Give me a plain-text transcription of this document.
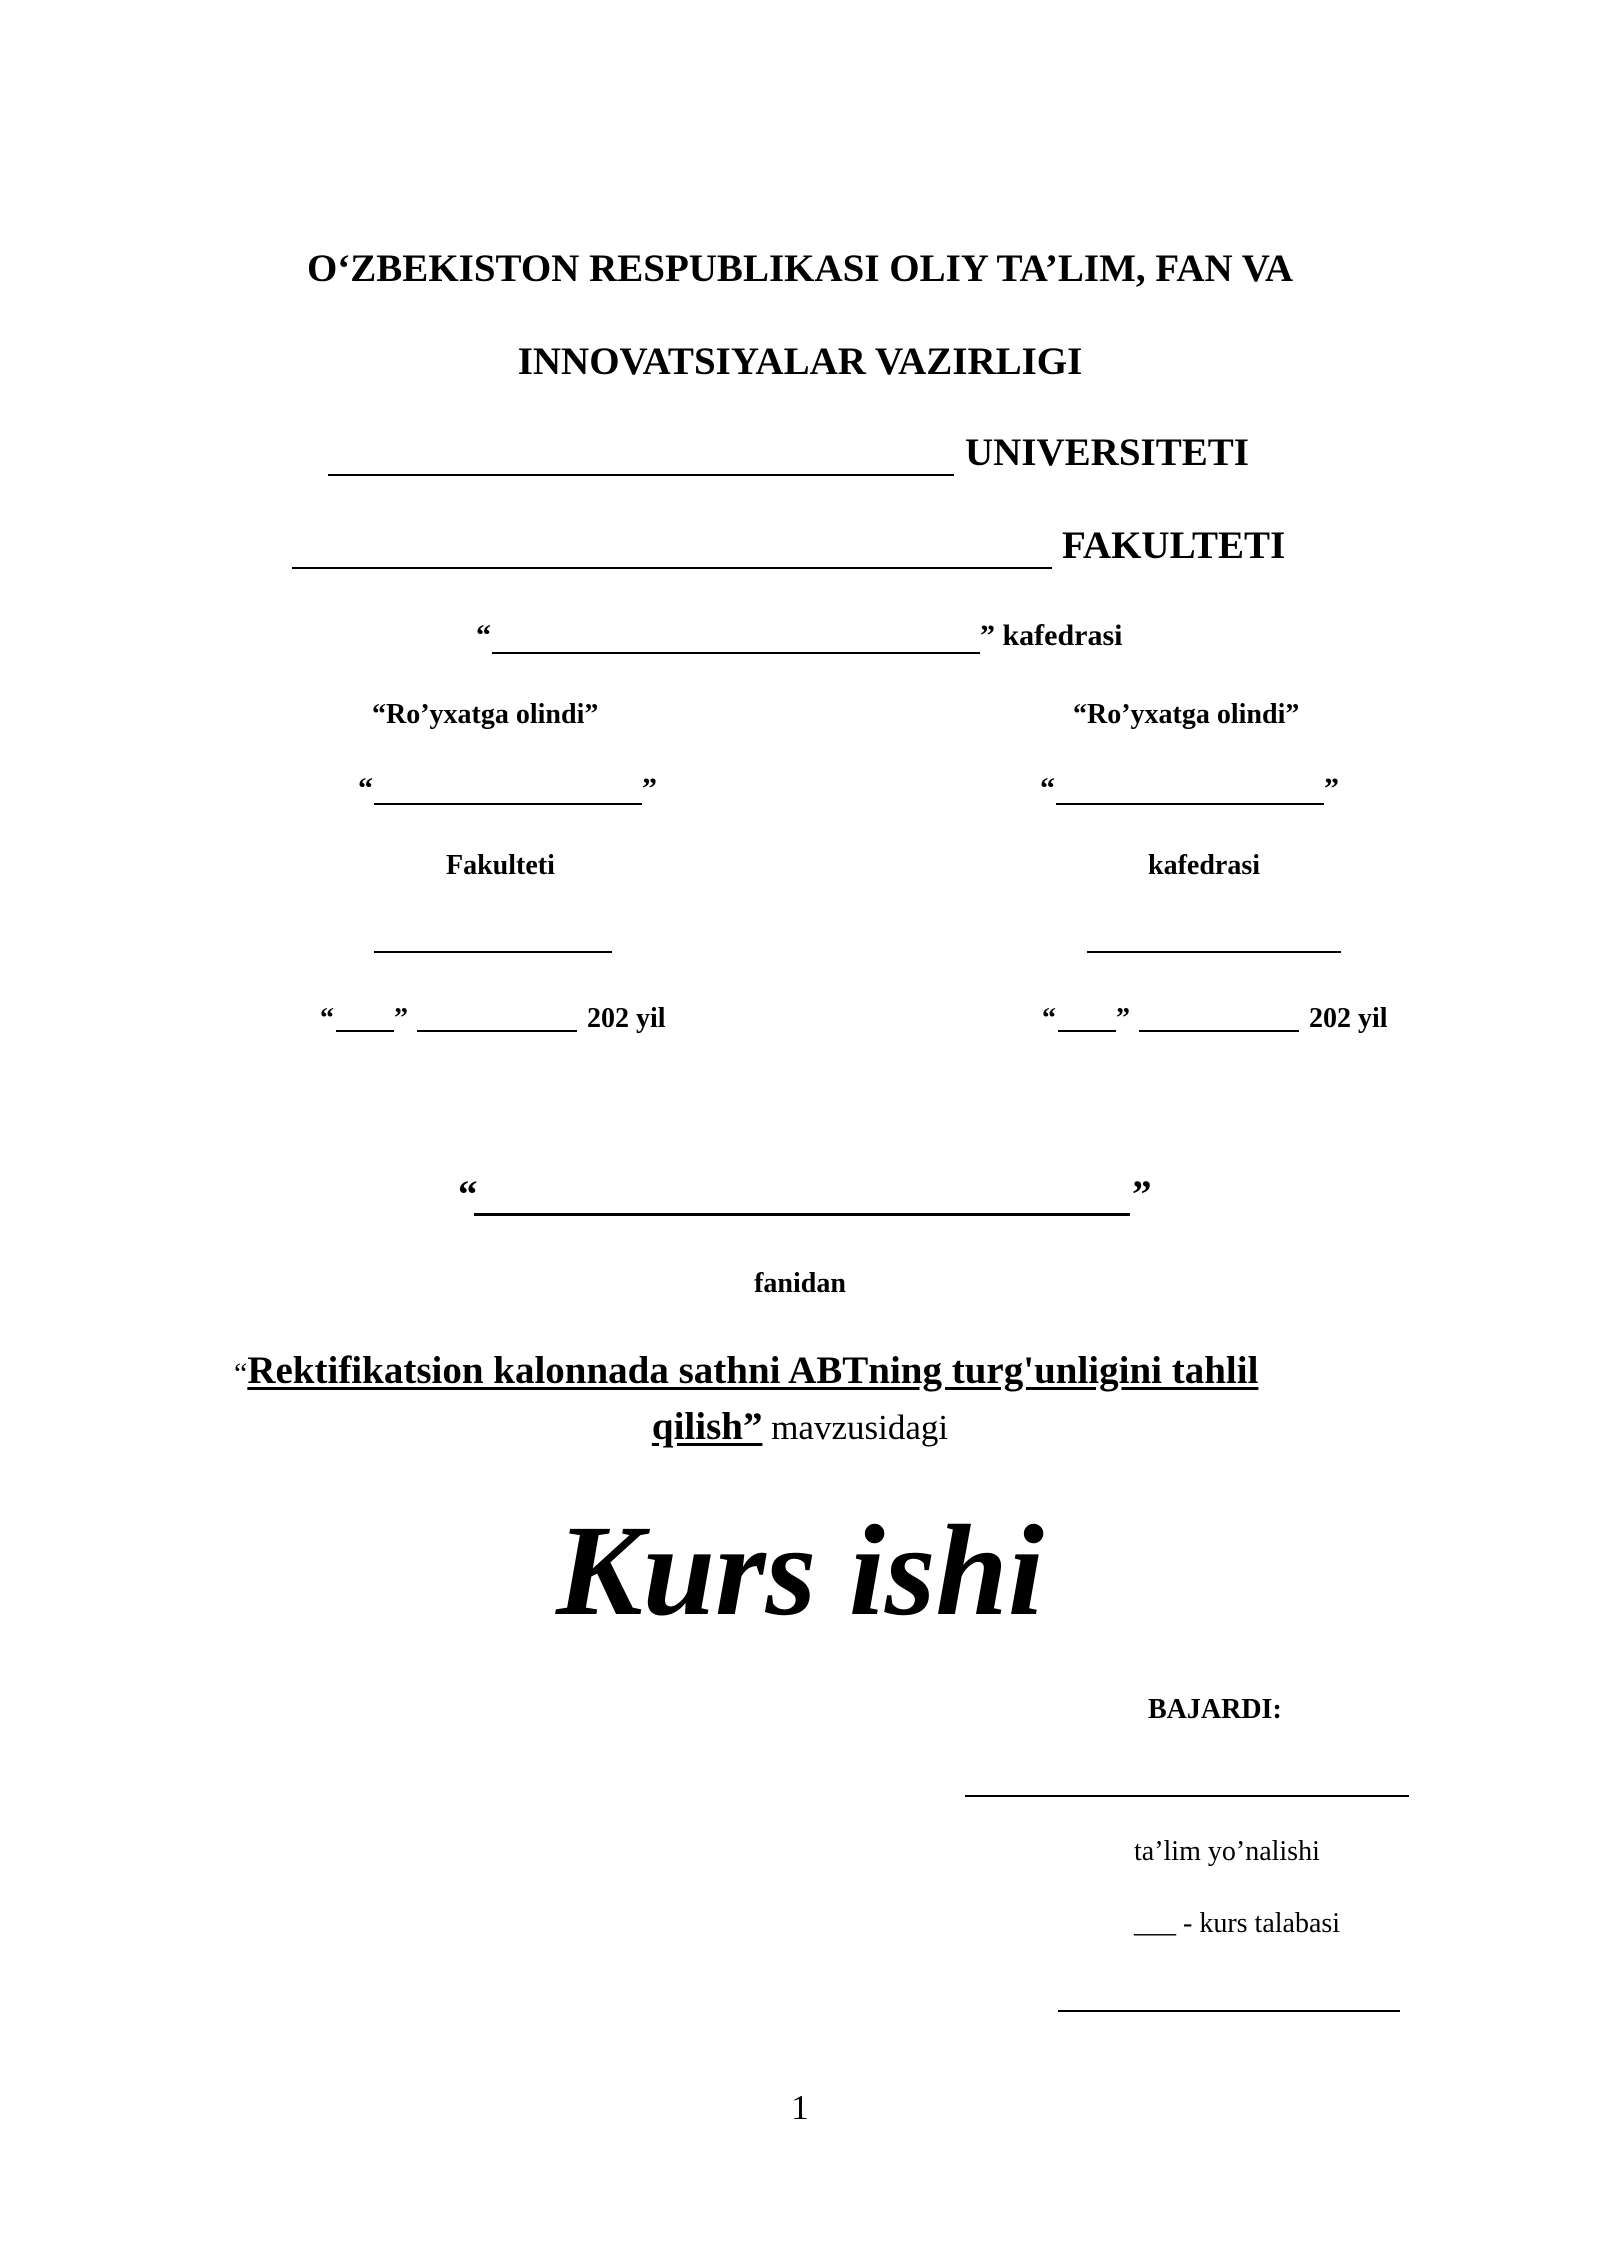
O‘ZBEKISTON RESPUBLIKASI OLIY TA’LIM, FAN VA
INNOVATSIYALAR VAZIRLIGI
UNIVERSITETI
FAKULTETI
“	” kafedrasi
“Ro’yxatga olindi”
“	”
Fakulteti
“ ”	202 yil
“Ro’yxatga olindi”
“	”
kafedrasi
“ ”	202 yil
“	”
fanidan
“Rektifikatsion kalonnada sathni ABTning turg'unligini tahlil
qilish” mavzusidagi
Kurs ishi
BAJARDI:
ta’lim yo’nalishi
___ - kurs talabasi
1
